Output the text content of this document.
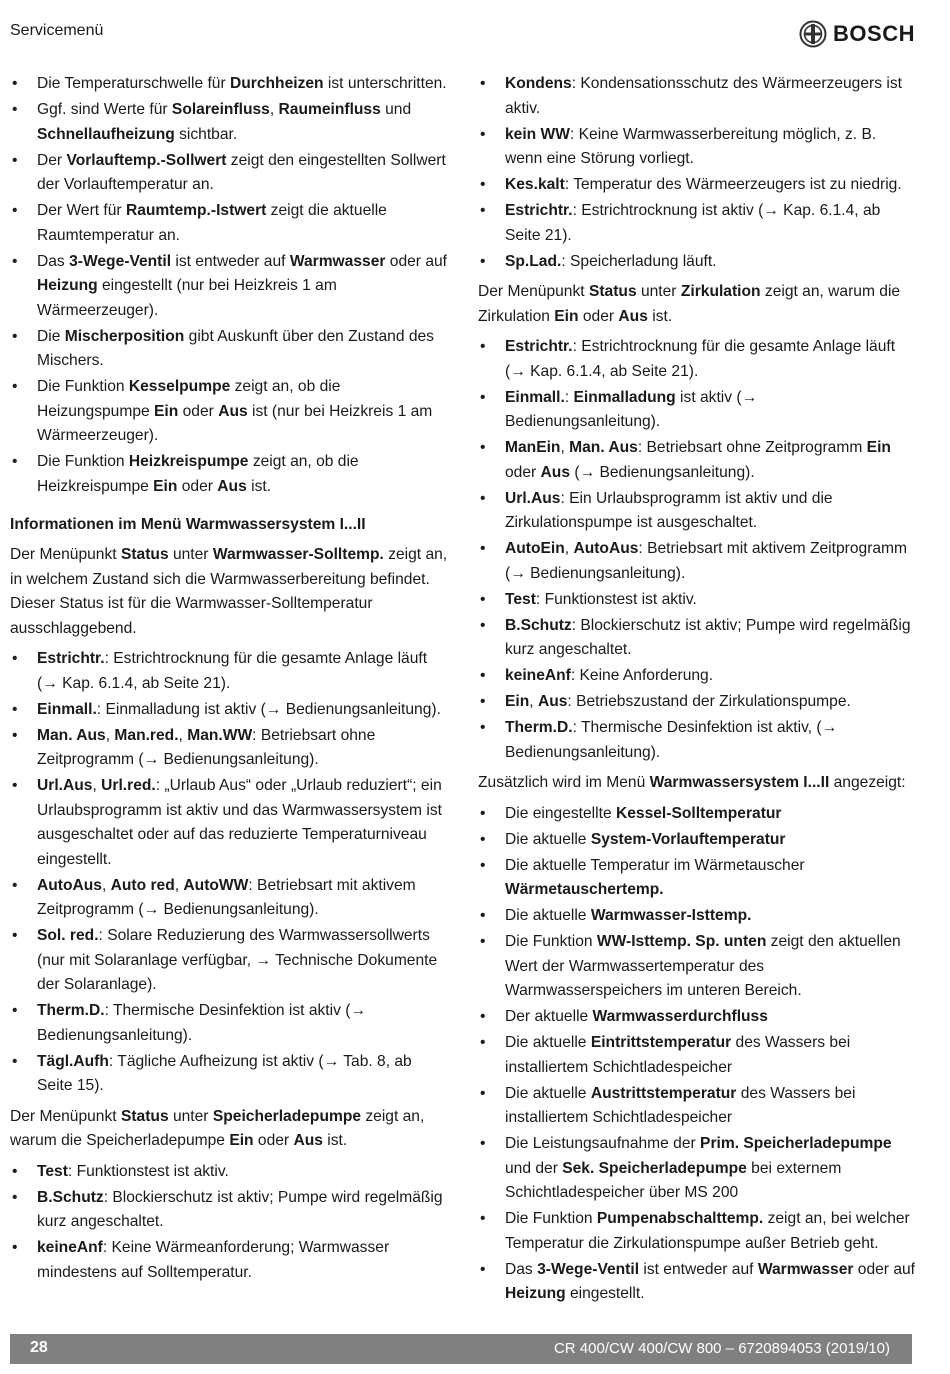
Servicemenü	BOSCH
• Die Temperaturschwelle für Durchheizen ist unterschritten.
• Ggf. sind Werte für Solareinfluss, Raumeinfluss und Schnellaufheizung sichtbar.
• Der Vorlauftemp.-Sollwert zeigt den eingestellten Sollwert der Vorlauftemperatur an.
• Der Wert für Raumtemp.-Istwert zeigt die aktuelle Raumtemperatur an.
• Das 3-Wege-Ventil ist entweder auf Warmwasser oder auf Heizung eingestellt (nur bei Heizkreis 1 am Wärmeerzeuger).
• Die Mischerposition gibt Auskunft über den Zustand des Mischers.
• Die Funktion Kesselpumpe zeigt an, ob die Heizungspumpe Ein oder Aus ist (nur bei Heizkreis 1 am Wärmeerzeuger).
• Die Funktion Heizkreispumpe zeigt an, ob die Heizkreispumpe Ein oder Aus ist.
Informationen im Menü Warmwassersystem I...II

Der Menüpunkt Status unter Warmwasser-Solltemp. zeigt an, in welchem Zustand sich die Warmwasserbereitung befindet. Dieser Status ist für die Warmwasser-Solltemperatur ausschlaggebend.

• Estrichtr.: Estrichtrocknung für die gesamte Anlage läuft (→ Kap. 6.1.4, ab Seite 21).
• Einmall.: Einmalladung ist aktiv (→ Bedienungsanleitung).
• Man. Aus, Man.red., Man.WW: Betriebsart ohne Zeitprogramm (→ Bedienungsanleitung).
• Url.Aus, Url.red.: „Urlaub Aus“ oder „Urlaub reduziert“; ein Urlaubsprogramm ist aktiv und das Warmwassersystem ist ausgeschaltet oder auf das reduzierte Temperaturniveau eingestellt.
• AutoAus, Auto red, AutoWW: Betriebsart mit aktivem Zeitprogramm (→ Bedienungsanleitung).
• Sol. red.: Solare Reduzierung des Warmwassersollwerts (nur mit Solaranlage verfügbar, → Technische Dokumente der Solaranlage).
• Therm.D.: Thermische Desinfektion ist aktiv (→ Bedienungsanleitung).
• Tägl.Aufh: Tägliche Aufheizung ist aktiv (→ Tab. 8, ab Seite 15).

Der Menüpunkt Status unter Speicherladepumpe zeigt an, warum die Speicherladepumpe Ein oder Aus ist.

• Test: Funktionstest ist aktiv.
• B.Schutz: Blockierschutz ist aktiv; Pumpe wird regelmäßig kurz angeschaltet.
• keineAnf: Keine Wärmeanforderung; Warmwasser mindestens auf Solltemperatur.
• Kondens: Kondensationsschutz des Wärmeerzeugers ist aktiv.
• kein WW: Keine Warmwasserbereitung möglich, z. B. wenn eine Störung vorliegt.
• Kes.kalt: Temperatur des Wärmeerzeugers ist zu niedrig.
• Estrichtr.: Estrichtrocknung ist aktiv (→ Kap. 6.1.4, ab Seite 21).
• Sp.Lad.: Speicherladung läuft.

Der Menüpunkt Status unter Zirkulation zeigt an, warum die Zirkulation Ein oder Aus ist.

• Estrichtr.: Estrichtrocknung für die gesamte Anlage läuft (→ Kap. 6.1.4, ab Seite 21).
• Einmall.: Einmalladung ist aktiv (→ Bedienungsanleitung).
• ManEin, Man. Aus: Betriebsart ohne Zeitprogramm Ein oder Aus (→ Bedienungsanleitung).
• Url.Aus: Ein Urlaubsprogramm ist aktiv und die Zirkulationspumpe ist ausgeschaltet.
• AutoEin, AutoAus: Betriebsart mit aktivem Zeitprogramm (→ Bedienungsanleitung).
• Test: Funktionstest ist aktiv.
• B.Schutz: Blockierschutz ist aktiv; Pumpe wird regelmäßig kurz angeschaltet.
• keineAnf: Keine Anforderung.
• Ein, Aus: Betriebszustand der Zirkulationspumpe.
• Therm.D.: Thermische Desinfektion ist aktiv, (→ Bedienungsanleitung).

Zusätzlich wird im Menü Warmwassersystem I...II angezeigt:

• Die eingestellte Kessel-Solltemperatur
• Die aktuelle System-Vorlauftemperatur
• Die aktuelle Temperatur im Wärmetauscher Wärmetauschertemp.
• Die aktuelle Warmwasser-Isttemp.
• Die Funktion WW-Isttemp. Sp. unten zeigt den aktuellen Wert der Warmwassertemperatur des Warmwasserspeichers im unteren Bereich.
• Der aktuelle Warmwasserdurchfluss
• Die aktuelle Eintrittstemperatur des Wassers bei installiertem Schichtladespeicher
• Die aktuelle Austrittstemperatur des Wassers bei installiertem Schichtladespeicher
• Die Leistungsaufnahme der Prim. Speicherladepumpe und der Sek. Speicherladepumpe bei externem Schichtladespeicher über MS 200
• Die Funktion Pumpenabschalttemp. zeigt an, bei welcher Temperatur die Zirkulationspumpe außer Betrieb geht.
• Das 3-Wege-Ventil ist entweder auf Warmwasser oder auf Heizung eingestellt.
28	CR 400/CW 400/CW 800 – 6720894053 (2019/10)
